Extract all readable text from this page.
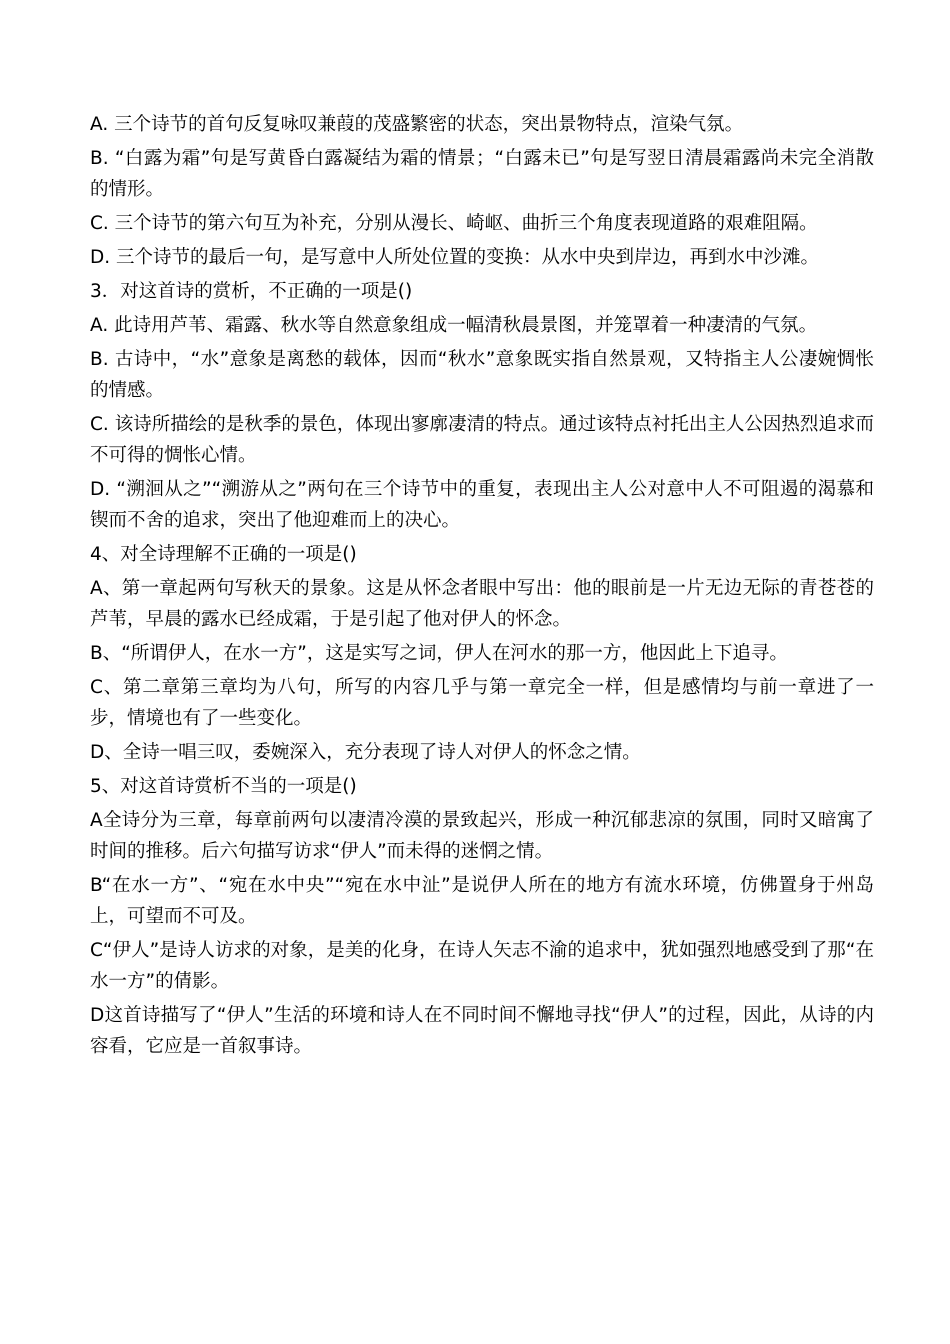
A. 三个诗节的首句反复咏叹兼葭的茂盛繁密的状态，突出景物特点，渲染气氛。

B. “白露为霜”句是写黄昏白露凝结为霜的情景；“白露未已”句是写翌日清晨霜露尚未完全消散的情形。

C. 三个诗节的第六句互为补充，分别从漫长、崎岖、曲折三个角度表现道路的艰难阻隔。

D. 三个诗节的最后一句，是写意中人所处位置的变换：从水中央到岸边，再到水中沙滩。

3．对这首诗的赏析，不正确的一项是()

A. 此诗用芦苇、霜露、秋水等自然意象组成一幅清秋晨景图，并笼罩着一种凄清的气氛。

B. 古诗中，“水”意象是离愁的载体，因而“秋水”意象既实指自然景观，又特指主人公凄婉惆怅的情感。

C. 该诗所描绘的是秋季的景色，体现出寥廓凄清的特点。通过该特点衬托出主人公因热烈追求而不可得的惆怅心情。

D. “溯洄从之”“溯游从之”两句在三个诗节中的重复，表现出主人公对意中人不可阻遏的渴慕和锲而不舍的追求，突出了他迎难而上的决心。

4、对全诗理解不正确的一项是()

A、第一章起两句写秋天的景象。这是从怀念者眼中写出：他的眼前是一片无边无际的青苍苍的芦苇，早晨的露水已经成霜，于是引起了他对伊人的怀念。

B、“所谓伊人，在水一方”，这是实写之词，伊人在河水的那一方，他因此上下追寻。

C、第二章第三章均为八句，所写的内容几乎与第一章完全一样，但是感情均与前一章进了一步，情境也有了一些变化。

D、全诗一唱三叹，委婉深入，充分表现了诗人对伊人的怀念之情。

5、对这首诗赏析不当的一项是()

A全诗分为三章，每章前两句以凄清冷漠的景致起兴，形成一种沉郁悲凉的氛围，同时又暗寓了时间的推移。后六句描写访求“伊人”而未得的迷惘之情。

B“在水一方”、“宛在水中央”“宛在水中沚”是说伊人所在的地方有流水环境，仿佛置身于州岛上，可望而不可及。

C“伊人”是诗人访求的对象，是美的化身，在诗人矢志不渝的追求中，犹如强烈地感受到了那“在水一方”的倩影。

D这首诗描写了“伊人”生活的环境和诗人在不同时间不懈地寻找“伊人”的过程，因此，从诗的内容看，它应是一首叙事诗。
